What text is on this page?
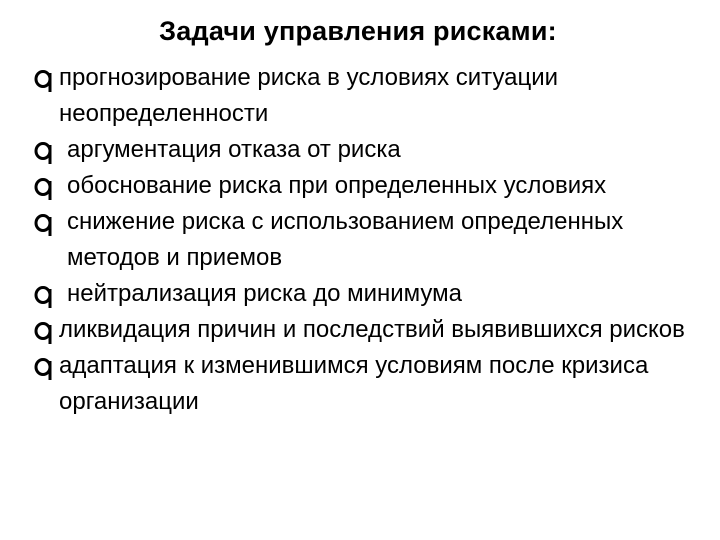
Задачи управления рисками:
прогнозирование риска в условиях ситуации неопределенности
аргументация отказа от риска
обоснование риска при определенных условиях
снижение риска с использованием определенных методов и приемов
нейтрализация риска до минимума
ликвидация причин и последствий выявившихся рисков
адаптация к изменившимся условиям после кризиса организации
